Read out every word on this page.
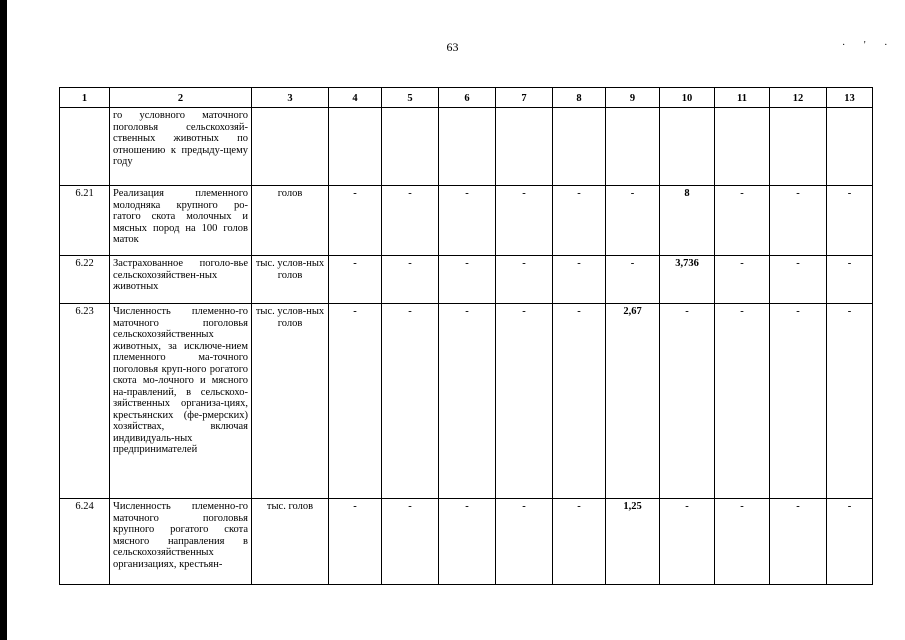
63	· ' ·
1	2	3	4	5	6	7	8	9	10	11	12	13
	го условного маточного поголовья сельскохозяй-ственных животных по отношению к предыду-щему году											
6.21	Реализация племенного молодняка крупного ро-гатого скота молочных и мясных пород на 100 голов маток	голов	-	-	-	-	-	-	8	-	-	-
6.22	Застрахованное поголо-вье сельскохозяйствен-ных животных	тыс. услов-ных голов	-	-	-	-	-	-	3,736	-	-	-
6.23	Численность племенно-го маточного поголовья сельскохозяйственных животных, за исключе-нием племенного ма-точного поголовья круп-ного рогатого скота мо-лочного и мясного на-правлений, в сельскохо-зяйственных организа-циях, крестьянских (фе-рмерских) хозяйствах, включая индивидуаль-ных предпринимателей	тыс. услов-ных голов	-	-	-	-	-	2,67	-	-	-	-
6.24	Численность племенно-го маточного поголовья крупного рогатого скота мясного направления в сельскохозяйственных организациях, крестьян-	тыс. голов	-	-	-	-	-	1,25	-	-	-	-
